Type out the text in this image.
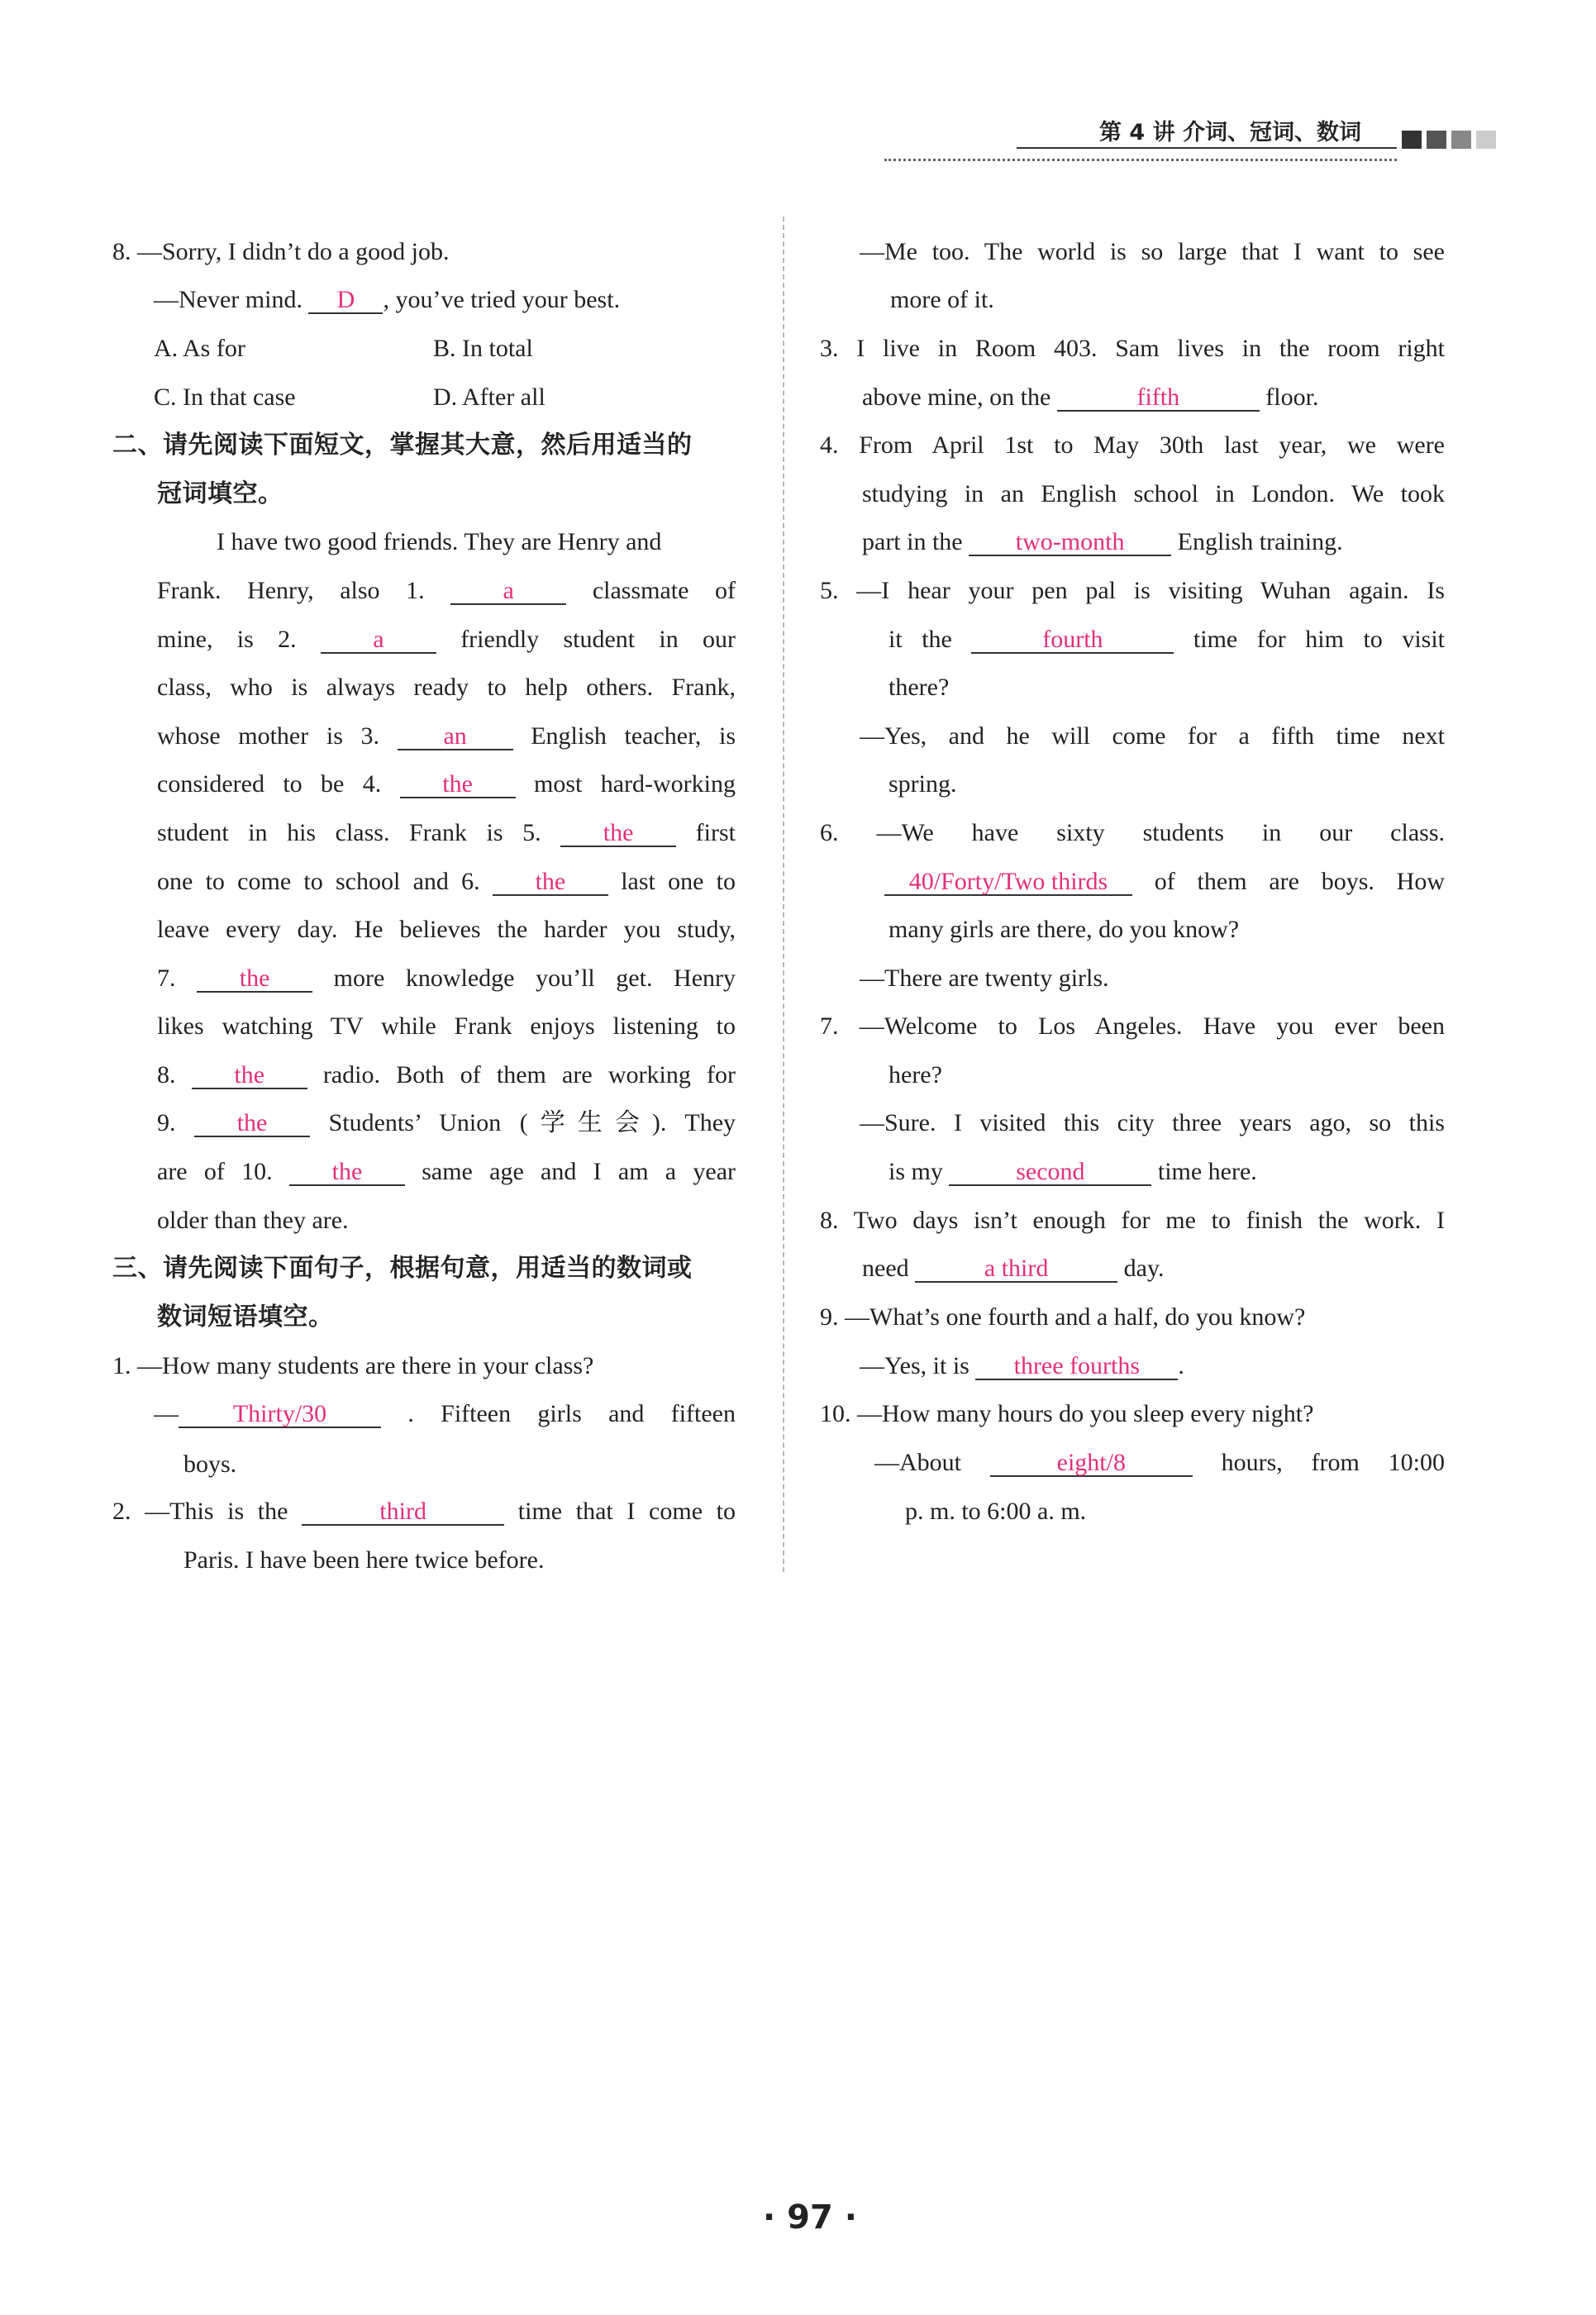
第 4 讲 介词、冠词、数词
8. —Sorry, I didn’t do a good job.
—Never mind. D , you’ve tried your best.
A. As for	B. In total
C. In that case	D. After all
二、请先阅读下面短文，掌握其大意，然后用适当的
冠词填空。
I have two good friends. They are Henry and
Frank. Henry, also 1.	a	classmate of
mine, is 2.	a	friendly student in our
class, who is always ready to help others. Frank,
whose mother is 3.	an	English teacher, is
considered to be 4. the most hard-working
student in his class. Frank is 5.	the	first
one to come to school and 6. the last one to
leave every day. He believes the harder you study,
7.	the	more knowledge you’ll get. Henry
likes watching TV while Frank enjoys listening to
8. the radio. Both of them are working for
9. the Students’ Union (学生会). They
are of 10. the same age and I am a year
older than they are.
三、请先阅读下面句子，根据句意，用适当的数词或
数词短语填空。
1. —How many students are there in your class?
— Thirty/30	. Fifteen girls and fifteen
boys.
2. —This is the	third	time that I come to
Paris. I have been here twice before.
—Me too. The world is so large that I want to see
more of it.
3. I live in Room 403. Sam lives in the room right
above mine, on the	fifth	floor.
4. From April 1st to May 30th last year, we were
studying in an English school in London. We took
part in the two-month English training.
5. —I hear your pen pal is visiting Wuhan again. Is
it the	fourth	time for him to visit
there?
—Yes, and he will come for a fifth time next
spring.
6. —We have sixty students in our class.
40/Forty/Two thirds of them are boys. How
many girls are there, do you know?
—There are twenty girls.
7. —Welcome to Los Angeles. Have you ever been
here?
—Sure. I visited this city three years ago, so this
is my	second	time here.
8. Two days isn’t enough for me to finish the work. I
need	a third	day.
9. —What’s one fourth and a half, do you know?
—Yes, it is three fourths .
10. —How many hours do you sleep every night?
—About	eight/8	hours, from 10:00
p. m. to 6:00 a. m.
· 97 ·
